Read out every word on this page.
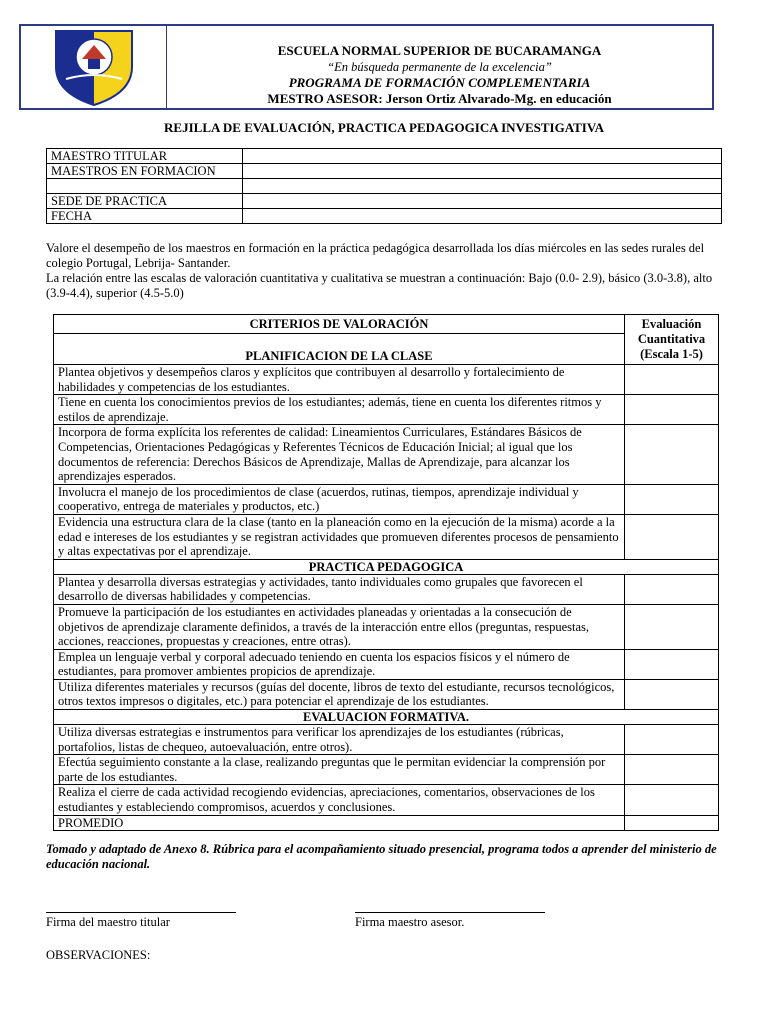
ESCUELA NORMAL SUPERIOR DE BUCARAMANGA
“En búsqueda permanente de la excelencia”
PROGRAMA DE FORMACIÓN COMPLEMENTARIA
MESTRO ASESOR: Jerson Ortiz Alvarado-Mg. en educación
REJILLA DE EVALUACIÓN, PRACTICA PEDAGOGICA INVESTIGATIVA
MAESTRO TITULAR	
MAESTROS EN FORMACION	

SEDE DE PRACTICA	
FECHA	

Valore el desempeño de los maestros en formación en la práctica pedagógica desarrollada los días miércoles en las sedes rurales del colegio Portugal, Lebrija- Santander.

La relación entre las escalas de valoración cuantitativa y cualitativa se muestran a continuación: Bajo (0.0- 2.9), básico (3.0-3.8), alto (3.9-4.4), superior (4.5-5.0)

CRITERIOS DE VALORACIÓN	Evaluación Cuantitativa (Escala 1-5)
PLANIFICACION DE LA CLASE	
Plantea objetivos y desempeños claros y explícitos que contribuyen al desarrollo y fortalecimiento de habilidades y competencias de los estudiantes.	
Tiene en cuenta los conocimientos previos de los estudiantes; además, tiene en cuenta los diferentes ritmos y estilos de aprendizaje.	
Incorpora de forma explícita los referentes de calidad: Lineamientos Curriculares, Estándares Básicos de Competencias, Orientaciones Pedagógicas y Referentes Técnicos de Educación Inicial; al igual que los documentos de referencia: Derechos Básicos de Aprendizaje, Mallas de Aprendizaje, para alcanzar los aprendizajes esperados.	
Involucra el manejo de los procedimientos de clase (acuerdos, rutinas, tiempos, aprendizaje individual y cooperativo, entrega de materiales y productos, etc.)	
Evidencia una estructura clara de la clase (tanto en la planeación como en la ejecución de la misma) acorde a la edad e intereses de los estudiantes y se registran actividades que promueven diferentes procesos de pensamiento y altas expectativas por el aprendizaje.	
PRACTICA PEDAGOGICA	
Plantea y desarrolla diversas estrategias y actividades, tanto individuales como grupales que favorecen el desarrollo de diversas habilidades y competencias.	
Promueve la participación de los estudiantes en actividades planeadas y orientadas a la consecución de objetivos de aprendizaje claramente definidos, a través de la interacción entre ellos (preguntas, respuestas, acciones, reacciones, propuestas y creaciones, entre otras).	
Emplea un lenguaje verbal y corporal adecuado teniendo en cuenta los espacios físicos y el número de estudiantes, para promover ambientes propicios de aprendizaje.	
Utiliza diferentes materiales y recursos (guías del docente, libros de texto del estudiante, recursos tecnológicos, otros textos impresos o digitales, etc.) para potenciar el aprendizaje de los estudiantes.	
EVALUACION FORMATIVA.	
Utiliza diversas estrategias e instrumentos para verificar los aprendizajes de los estudiantes (rúbricas, portafolios, listas de chequeo, autoevaluación, entre otros).	
Efectúa seguimiento constante a la clase, realizando preguntas que le permitan evidenciar la comprensión por parte de los estudiantes.	
Realiza el cierre de cada actividad recogiendo evidencias, apreciaciones, comentarios, observaciones de los estudiantes y estableciendo compromisos, acuerdos y conclusiones.	
PROMEDIO	
Tomado y adaptado de Anexo 8. Rúbrica para el acompañamiento situado presencial, programa todos a aprender del ministerio de educación nacional.
Firma del maestro titular	Firma maestro asesor.
OBSERVACIONES:
